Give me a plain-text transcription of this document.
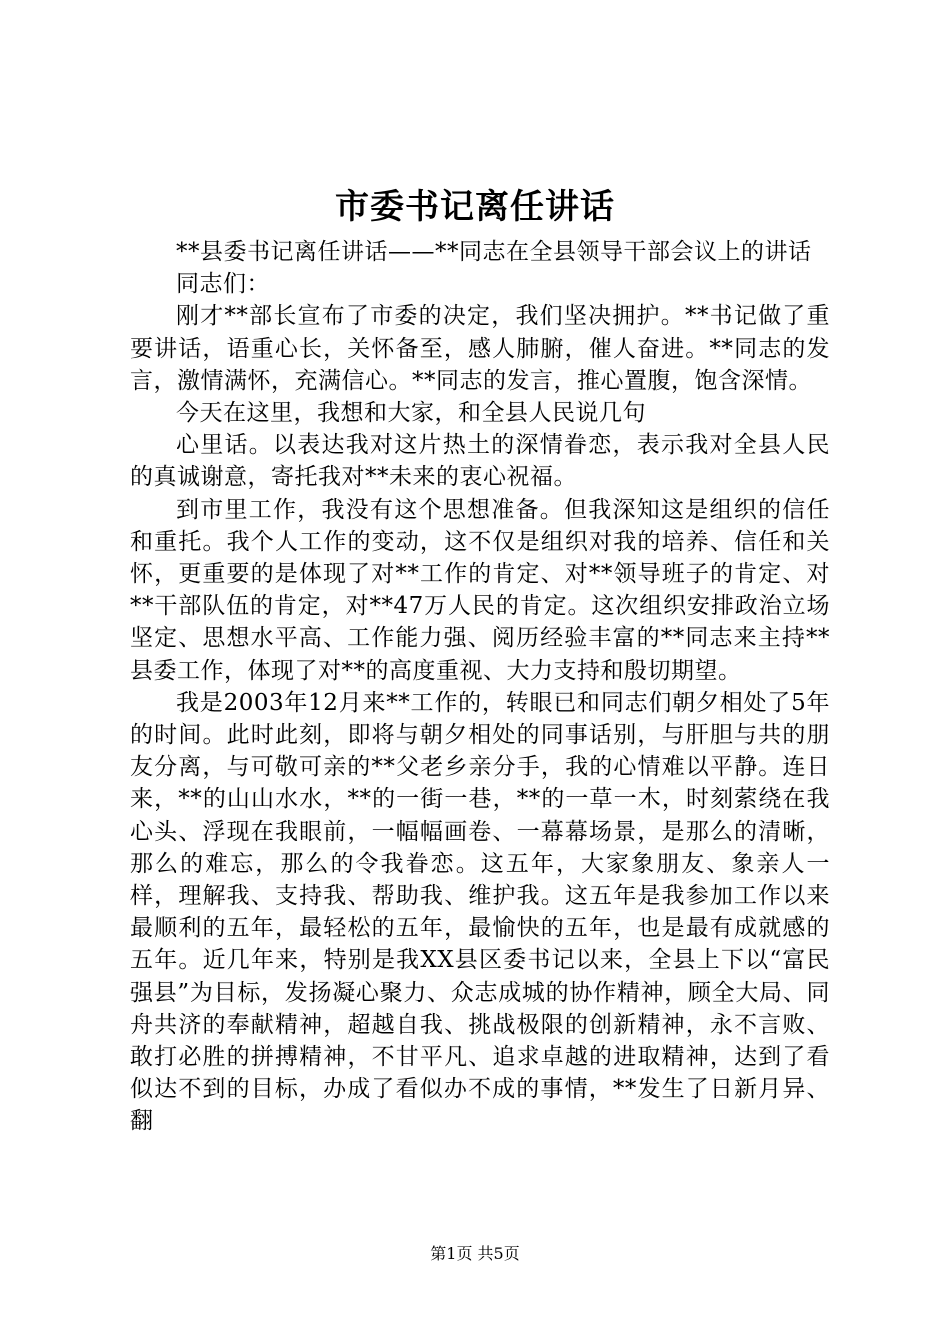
市委书记离任讲话

**县委书记离任讲话——**同志在全县领导干部会议上的讲话

同志们：

刚才**部长宣布了市委的决定，我们坚决拥护。**书记做了重要讲话，语重心长，关怀备至，感人肺腑，催人奋进。**同志的发言，激情满怀，充满信心。**同志的发言，推心置腹，饱含深情。

今天在这里，我想和大家，和全县人民说几句

心里话。以表达我对这片热土的深情眷恋，表示我对全县人民的真诚谢意，寄托我对**未来的衷心祝福。

到市里工作，我没有这个思想准备。但我深知这是组织的信任和重托。我个人工作的变动，这不仅是组织对我的培养、信任和关怀，更重要的是体现了对**工作的肯定、对**领导班子的肯定、对**干部队伍的肯定，对**47万人民的肯定。这次组织安排政治立场坚定、思想水平高、工作能力强、阅历经验丰富的**同志来主持**县委工作，体现了对**的高度重视、大力支持和殷切期望。

我是2003年12月来**工作的，转眼已和同志们朝夕相处了5年的时间。此时此刻，即将与朝夕相处的同事话别，与肝胆与共的朋友分离，与可敬可亲的**父老乡亲分手，我的心情难以平静。连日来，**的山山水水，**的一街一巷，**的一草一木，时刻萦绕在我心头、浮现在我眼前，一幅幅画卷、一幕幕场景，是那么的清晰，那么的难忘，那么的令我眷恋。这五年，大家象朋友、象亲人一样，理解我、支持我、帮助我、维护我。这五年是我参加工作以来最顺利的五年，最轻松的五年，最愉快的五年，也是最有成就感的五年。近几年来，特别是我XX县区委书记以来，全县上下以“富民强县”为目标，发扬凝心聚力、众志成城的协作精神，顾全大局、同舟共济的奉献精神，超越自我、挑战极限的创新精神，永不言败、敢打必胜的拼搏精神，不甘平凡、追求卓越的进取精神，达到了看似达不到的目标，办成了看似办不成的事情，**发生了日新月异、翻

第1页 共5页
